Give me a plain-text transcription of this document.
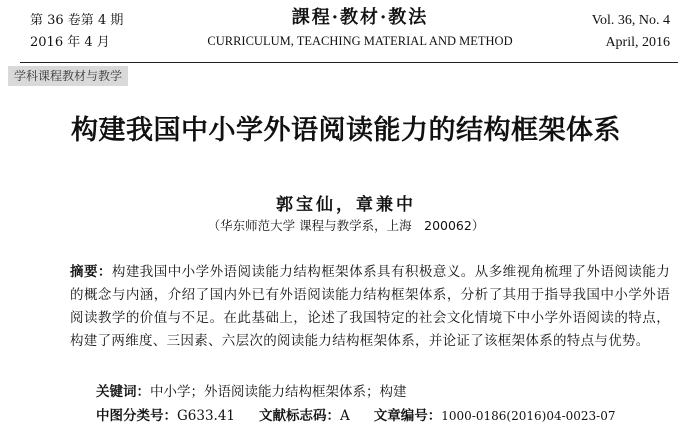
第 36 卷第 4 期
2016 年 4 月
課程·教材·教法
CURRICULUM, TEACHING MATERIAL AND METHOD
Vol. 36, No. 4
April, 2016
学科课程教材与教学
构建我国中小学外语阅读能力的结构框架体系
郭宝仙，章兼中
（华东师范大学 课程与教学系，上海　200062）
摘要：构建我国中小学外语阅读能力结构框架体系具有积极意义。从多维视角梳理了外语阅读能力的概念与内涵，介绍了国内外已有外语阅读能力结构框架体系，分析了其用于指导我国中小学外语阅读教学的价值与不足。在此基础上，论述了我国特定的社会文化情境下中小学外语阅读的特点，构建了两维度、三因素、六层次的阅读能力结构框架体系，并论证了该框架体系的特点与优势。
关键词：中小学；外语阅读能力结构框架体系；构建
中图分类号：G633.41 文献标志码：A 文章编号：1000-0186(2016)04-0023-07
